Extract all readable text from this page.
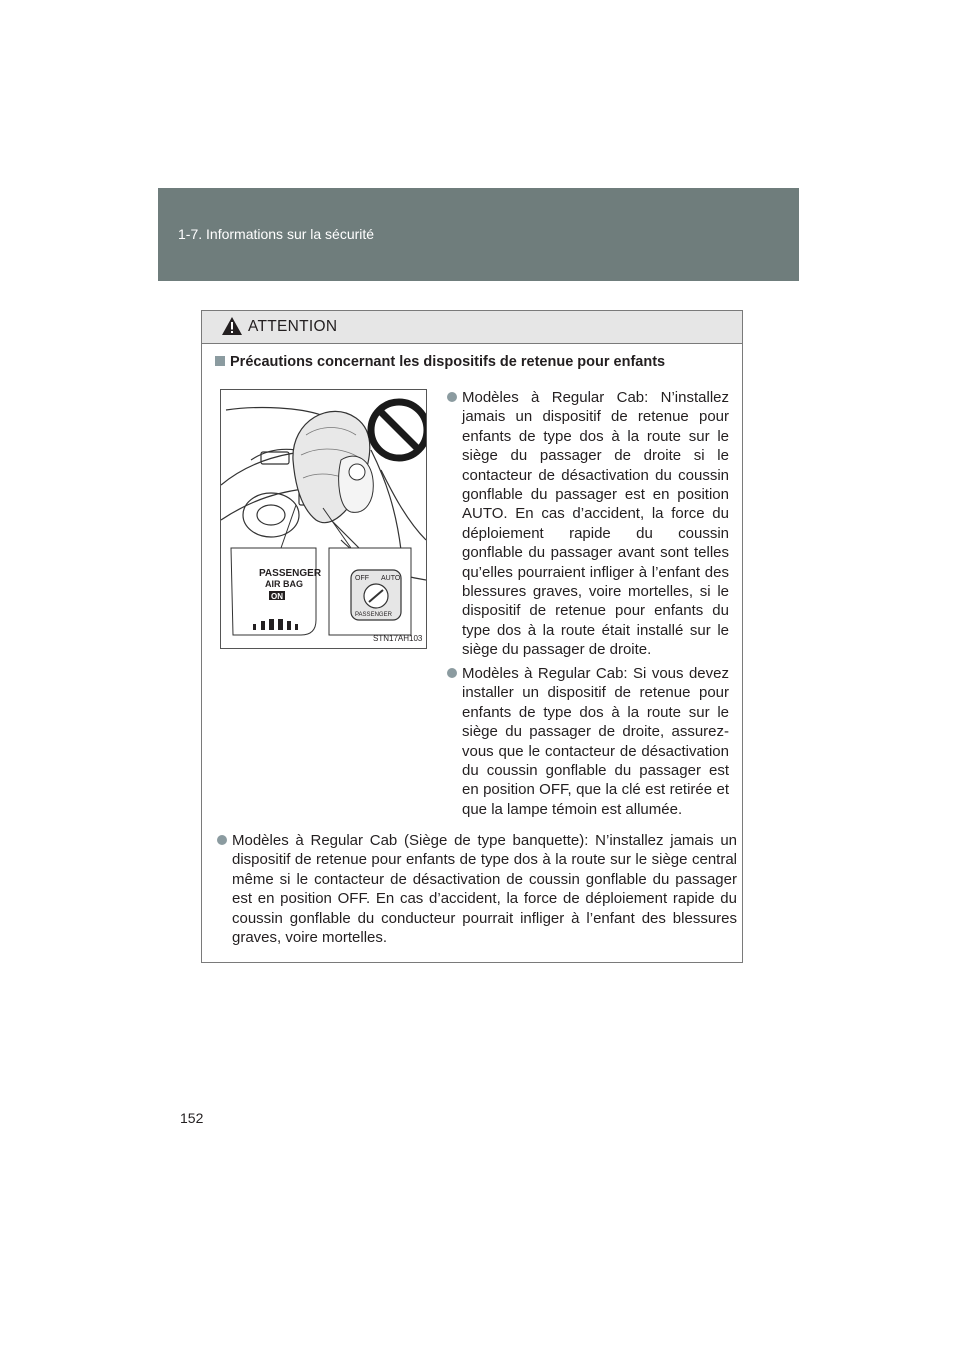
1-7. Informations sur la sécurité
ATTENTION
Précautions concernant les dispositifs de retenue pour enfants
PASSENGER
AIR BAG
ON
OFF AUTO
PASSENGER
STN17AH103
Modèles à Regular Cab: N’installez jamais un dispositif de retenue pour enfants de type dos à la route sur le siège du passager de droite si le contacteur de désactivation du coussin gonflable du passager est en position AUTO. En cas d’accident, la force du déploiement rapide du coussin gonflable du passager avant sont telles qu’elles pourraient infliger à l’enfant des blessures graves, voire mortelles, si le dispositif de retenue pour enfants du type dos à la route était installé sur le siège du passager de droite.
Modèles à Regular Cab: Si vous devez installer un dispositif de retenue pour enfants de type dos à la route sur le siège du passager de droite, assurez-vous que le contacteur de désactivation du coussin gonflable du passager est en position OFF, que la clé est retirée et que la lampe témoin est allumée.
Modèles à Regular Cab (Siège de type banquette): N’installez jamais un dispositif de retenue pour enfants de type dos à la route sur le siège central même si le contacteur de désactivation de coussin gonflable du passager est en position OFF. En cas d’accident, la force de déploiement rapide du coussin gonflable du conducteur pourrait infliger à l’enfant des blessures graves, voire mortelles.
152
